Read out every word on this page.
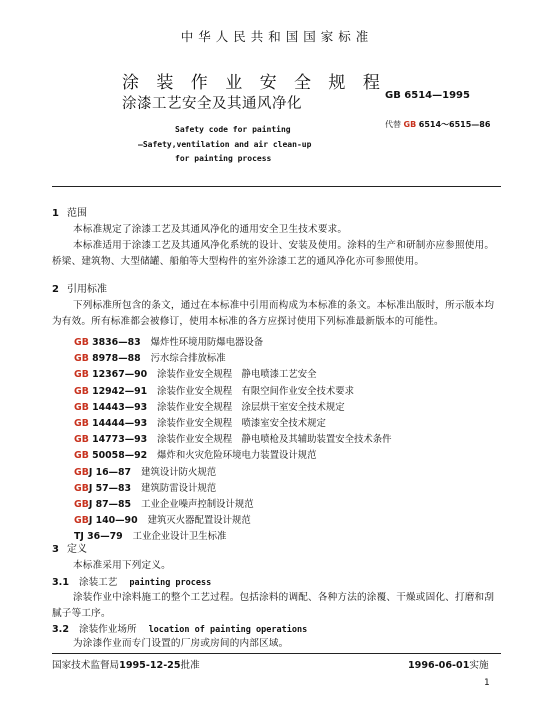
中华人民共和国国家标准
涂 装 作 业 安 全 规 程
涂漆工艺安全及其通风净化
GB 6514—1995
代替 GB 6514～6515—86
Safety code for painting
—Safety,ventilation and air clean-up
for painting process
1 范围
本标准规定了涂漆工艺及其通风净化的通用安全卫生技术要求。
本标准适用于涂漆工艺及其通风净化系统的设计、安装及使用。涂料的生产和研制亦应参照使用。桥梁、建筑物、大型储罐、船舶等大型构件的室外涂漆工艺的通风净化亦可参照使用。
2 引用标准
下列标准所包含的条文，通过在本标准中引用而构成为本标准的条文。本标准出版时，所示版本均为有效。所有标准都会被修订，使用本标准的各方应探讨使用下列标准最新版本的可能性。
GB 3836—83 爆炸性环境用防爆电器设备
GB 8978—88 污水综合排放标准
GB 12367—90 涂装作业安全规程　静电喷漆工艺安全
GB 12942—91 涂装作业安全规程　有限空间作业安全技术要求
GB 14443—93 涂装作业安全规程　涂层烘干室安全技术规定
GB 14444—93 涂装作业安全规程　喷漆室安全技术规定
GB 14773—93 涂装作业安全规程　静电喷枪及其辅助装置安全技术条件
GB 50058—92 爆炸和火灾危险环境电力装置设计规范
GBJ 16—87 建筑设计防火规范
GBJ 57—83 建筑防雷设计规范
GBJ 87—85 工业企业噪声控制设计规范
GBJ 140—90 建筑灭火器配置设计规范
TJ 36—79 工业企业设计卫生标准
3 定义
本标准采用下列定义。
3.1 涂装工艺 painting process
涂装作业中涂料施工的整个工艺过程。包括涂料的调配、各种方法的涂覆、干燥或固化、打磨和刮腻子等工序。
3.2 涂装作业场所 location of painting operations
为涂漆作业而专门设置的厂房或房间的内部区域。
国家技术监督局1995-12-25批准	1996-06-01实施
1
